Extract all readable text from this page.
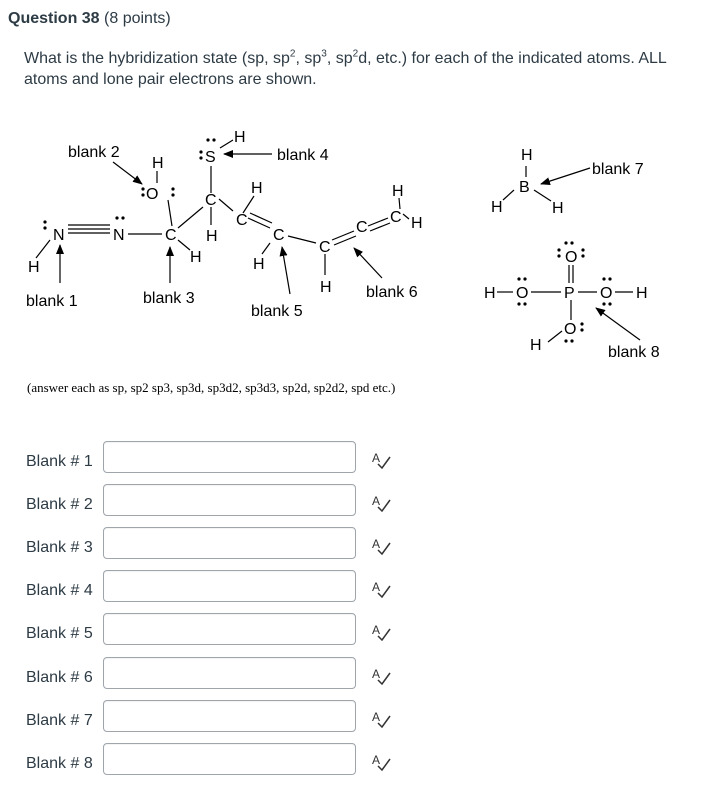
Question 38 (8 points)
What is the hybridization state (sp, $sp^2$, $sp^3$, $sp^2d$, etc.) for each of the indicated atoms. ALL atoms and lone pair electrons are shown.
H
N	N	C
H
O
H
C
H
S
H
C
H
C
H
C
H
C
C
H
H
H
B
H	H
O
H O P O H
O
H
blank 2	blank 4
blank 1	blank 3
blank 5
blank 6
blank 7
blank 8
(answer each as sp, sp2 sp3, sp3d, sp3d2, sp3d3, sp2d, sp2d2, spd etc.)
Blank # 1	A
Blank # 2	A
Blank # 3	A
Blank # 4	A
Blank # 5	A
Blank # 6	A
Blank # 7	A
Blank # 8	A
